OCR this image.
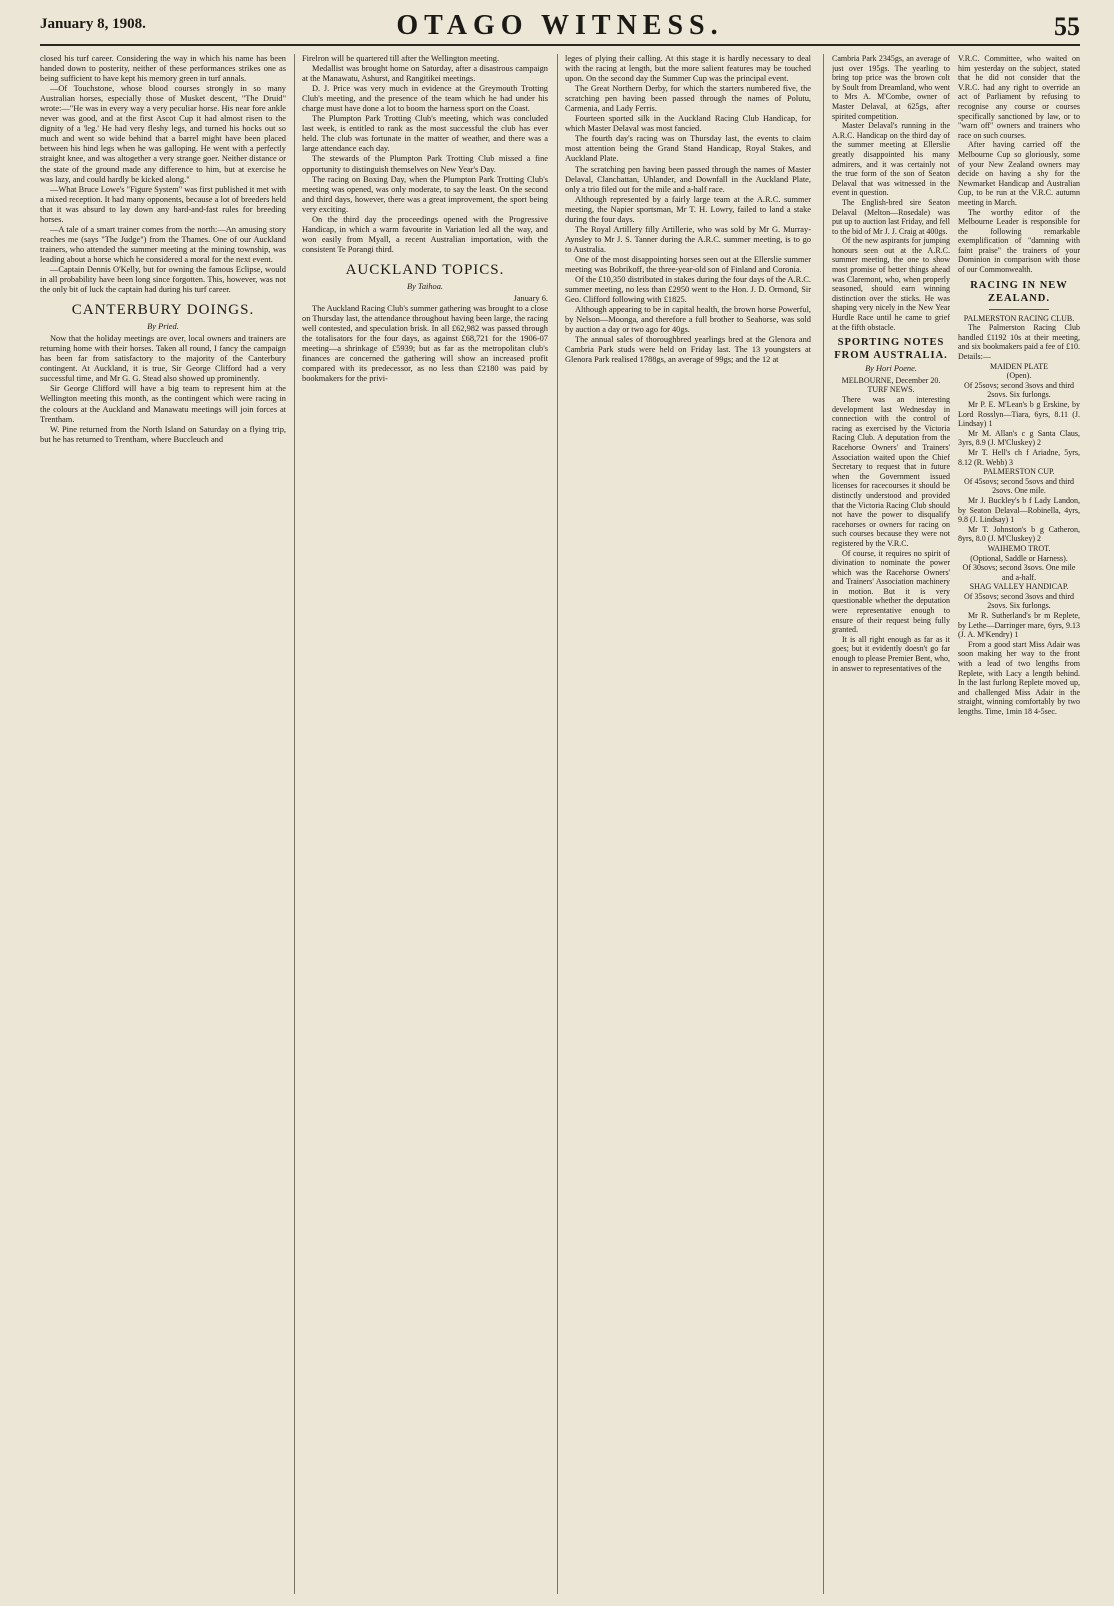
January 8, 1908.	OTAGO WITNESS.	55

closed his turf career. Considering the way in which his name has been handed down to posterity, neither of these performances strikes one as being sufficient to have kept his memory green in turf annals.

—Of Touchstone, whose blood courses strongly in so many Australian horses, especially those of Musket descent, "The Druid" wrote:—"He was in every way a very peculiar horse. His near fore ankle never was good, and at the first Ascot Cup it had almost risen to the dignity of a 'leg.' He had very fleshy legs, and turned his hocks out so much and went so wide behind that a barrel might have been placed between his hind legs when he was galloping. He went with a perfectly straight knee, and was altogether a very strange goer. Neither distance or the state of the ground made any difference to him, but at exercise he was lazy, and could hardly be kicked along."

—What Bruce Lowe's "Figure System" was first published it met with a mixed reception. It had many opponents, because a lot of breeders held that it was absurd to lay down any hard-and-fast rules for breeding horses.

—A tale of a smart trainer comes from the north:—An amusing story reaches me (says "The Judge") from the Thames. One of our Auckland trainers, who attended the summer meeting at the mining township, was leading about a horse which he considered a moral for the next event.

—Captain Dennis O'Kelly, but for owning the famous Eclipse, would in all probability have been long since forgotten. This, however, was not the only bit of luck the captain had during his turf career.

CANTERBURY DOINGS.
By Pried.

Now that the holiday meetings are over, local owners and trainers are returning home with their horses. Taken all round, I fancy the campaign has been far from satisfactory to the majority of the Canterbury contingent. At Auckland, it is true, Sir George Clifford had a very successful time, and Mr G. G. Stead also showed up prominently.

Sir George Clifford will have a big team to represent him at the Wellington meeting this month, as the contingent which were racing in the colours at the Auckland and Manawatu meetings will join forces at Trentham.

W. Pine returned from the North Island on Saturday on a flying trip, but he has returned to Trentham, where Buccleuch and

Firelron will be quartered till after the Wellington meeting.

Medallist was brought home on Saturday, after a disastrous campaign at the Manawatu, Ashurst, and Rangitikei meetings.

D. J. Price was very much in evidence at the Greymouth Trotting Club's meeting, and the presence of the team which he had under his charge must have done a lot to boom the harness sport on the Coast.

The Plumpton Park Trotting Club's meeting, which was concluded last week, is entitled to rank as the most successful the club has ever held. The club was fortunate in the matter of weather, and there was a large attendance each day.

The stewards of the Plumpton Park Trotting Club missed a fine opportunity to distinguish themselves on New Year's Day.

The racing on Boxing Day, when the Plumpton Park Trotting Club's meeting was opened, was only moderate, to say the least. On the second and third days, however, there was a great improvement, the sport being very exciting.

On the third day the proceedings opened with the Progressive Handicap, in which a warm favourite in Variation led all the way, and won easily from Myall, a recent Australian importation, with the consistent Te Porangi third.

AUCKLAND TOPICS.
By Taihoa.

January 6.

The Auckland Racing Club's summer gathering was brought to a close on Thursday last, the attendance throughout having been large, the racing well contested, and speculation brisk. In all £62,982 was passed through the totalisators for the four days, as against £68,721 for the 1906-07 meeting—a shrinkage of £5939; but as far as the metropolitan club's finances are concerned the gathering will show an increased profit compared with its predecessor, as no less than £2180 was paid by bookmakers for the privi-

leges of plying their calling. At this stage it is hardly necessary to deal with the racing at length, but the more salient features may be touched upon. On the second day the Summer Cup was the principal event.

The Great Northern Derby, for which the starters numbered five, the scratching pen having been passed through the names of Polutu, Carmenia, and Lady Ferris.

Fourteen sported silk in the Auckland Racing Club Handicap, for which Master Delaval was most fancied.

The fourth day's racing was on Thursday last, the events to claim most attention being the Grand Stand Handicap, Royal Stakes, and Auckland Plate.

The scratching pen having been passed through the names of Master Delaval, Clanchattan, Uhlander, and Downfall in the Auckland Plate, only a trio filed out for the mile and a-half race.

Although represented by a fairly large team at the A.R.C. summer meeting, the Napier sportsman, Mr T. H. Lowry, failed to land a stake during the four days.

The Royal Artillery filly Artillerie, who was sold by Mr G. Murray-Aynsley to Mr J. S. Tanner during the A.R.C. summer meeting, is to go to Australia.

One of the most disappointing horses seen out at the Ellerslie summer meeting was Bobrikoff, the three-year-old son of Finland and Coronia.

Of the £10,350 distributed in stakes during the four days of the A.R.C. summer meeting, no less than £2950 went to the Hon. J. D. Ormond, Sir Geo. Clifford following with £1825.

Although appearing to be in capital health, the brown horse Powerful, by Nelson—Moonga, and therefore a full brother to Seahorse, was sold by auction a day or two ago for 40gs.

The annual sales of thoroughbred yearlings bred at the Glenora and Cambria Park studs were held on Friday last. The 13 youngsters at Glenora Park realised 1788gs, an average of 99gs; and the 12 at

Cambria Park 2345gs, an average of just over 195gs. The yearling to bring top price was the brown colt by Soult from Dreamland, who went to Mrs A. M'Combe, owner of Master Delaval, at 625gs, after spirited competition.

Master Delaval's running in the A.R.C. Handicap on the third day of the summer meeting at Ellerslie greatly disappointed his many admirers, and it was certainly not the true form of the son of Seaton Delaval that was witnessed in the event in question.

The English-bred sire Seaton Delaval (Melton—Rosedale) was put up to auction last Friday, and fell to the bid of Mr J. J. Craig at 400gs.

Of the new aspirants for jumping honours seen out at the A.R.C. summer meeting, the one to show most promise of better things ahead was Claremont, who, when properly seasoned, should earn winning distinction over the sticks. He was shaping very nicely in the New Year Hurdle Race until he came to grief at the fifth obstacle.

SPORTING NOTES FROM AUSTRALIA.
By Hori Poene.

MELBOURNE, December 20.

TURF NEWS.

There was an interesting development last Wednesday in connection with the control of racing as exercised by the Victoria Racing Club. A deputation from the Racehorse Owners' and Trainers' Association waited upon the Chief Secretary to request that in future when the Government issued licenses for racecourses it should be distinctly understood and provided that the Victoria Racing Club should not have the power to disqualify racehorses or owners for racing on such courses because they were not registered by the V.R.C.

Of course, it requires no spirit of divination to nominate the power which was the Racehorse Owners' and Trainers' Association machinery in motion. But it is very questionable whether the deputation were representative enough to ensure of their request being fully granted.

It is all right enough as far as it goes; but it evidently doesn't go far enough to please Premier Bent, who, in answer to representatives of the

V.R.C. Committee, who waited on him yesterday on the subject, stated that he did not consider that the V.R.C. had any right to override an act of Parliament by refusing to recognise any course or courses specifically sanctioned by law, or to "warn off" owners and trainers who race on such courses.

After having carried off the Melbourne Cup so gloriously, some of your New Zealand owners may decide on having a shy for the Newmarket Handicap and Australian Cup, to be run at the V.R.C. autumn meeting in March.

The worthy editor of the Melbourne Leader is responsible for the following remarkable exemplification of "damning with faint praise" the trainers of your Dominion in comparison with those of our Commonwealth.

RACING IN NEW ZEALAND.

PALMERSTON RACING CLUB.

The Palmerston Racing Club handled £1192 10s at their meeting, and six bookmakers paid a fee of £10. Details:—

MAIDEN PLATE

(Open).

Of 25sovs; second 3sovs and third 2sovs. Six furlongs.

Mr P. E. M'Lean's b g Erskine, by Lord Rosslyn—Tiara, 6yrs, 8.11 (J. Lindsay) 1

Mr M. Allan's c g Santa Claus, 3yrs, 8.9 (J. M'Cluskey) 2

Mr T. Hell's ch f Ariadne, 5yrs, 8.12 (R. Webb) 3

PALMERSTON CUP.

Of 45sovs; second 5sovs and third 2sovs. One mile.

Mr J. Buckley's b f Lady Landon, by Seaton Delaval—Robinella, 4yrs, 9.8 (J. Lindsay) 1

Mr T. Johnston's b g Catheron, 8yrs, 8.0 (J. M'Cluskey) 2

WAIHEMO TROT.

(Optional, Saddle or Harness).

Of 30sovs; second 3sovs. One mile and a-half.

SHAG VALLEY HANDICAP.

Of 35sovs; second 3sovs and third 2sovs. Six furlongs.

Mr R. Sutherland's br m Replete, by Lethe—Darringer mare, 6yrs, 9.13 (J. A. M'Kendry) 1

From a good start Miss Adair was soon making her way to the front with a lead of two lengths from Replete, with Lacy a length behind. In the last furlong Replete moved up, and challenged Miss Adair in the straight, winning comfortably by two lengths. Time, 1min 18 4-5sec.
